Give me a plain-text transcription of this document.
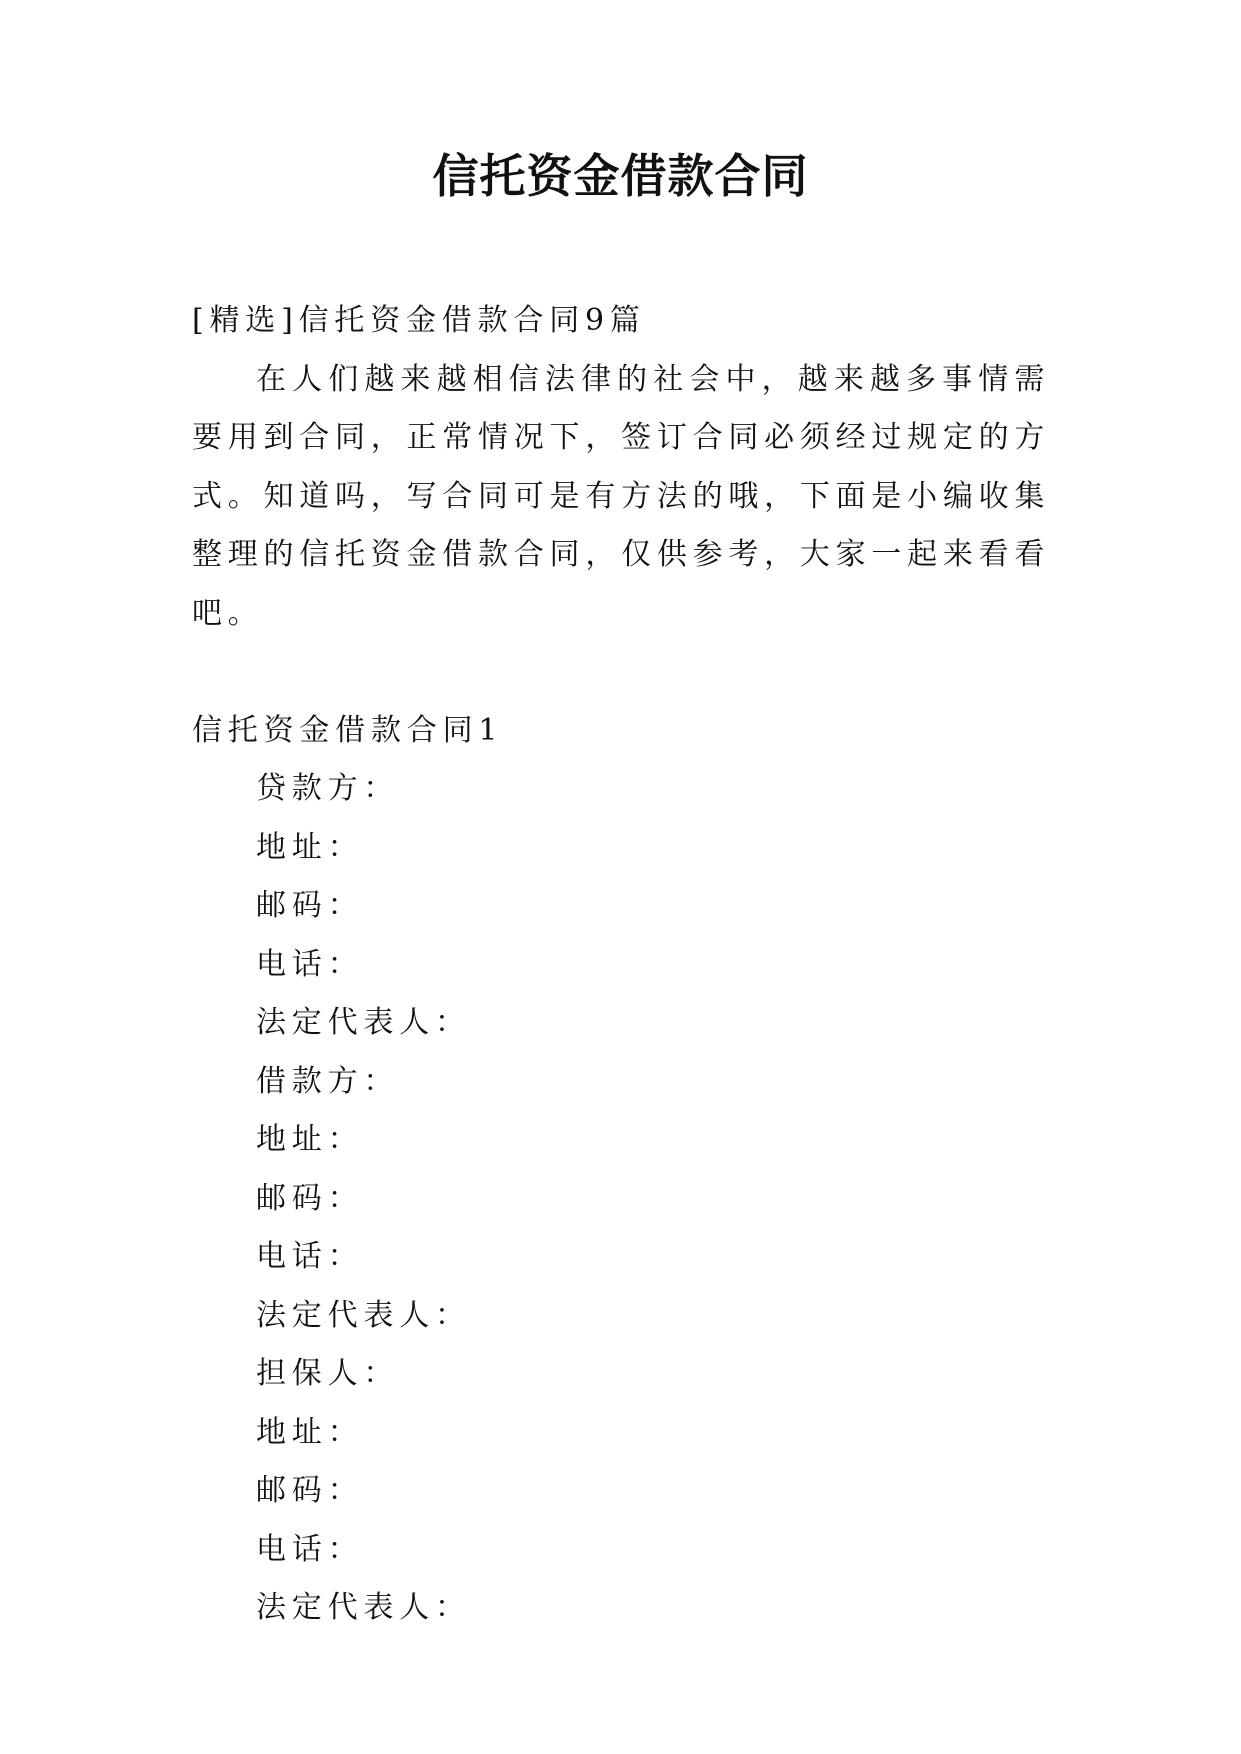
信托资金借款合同
[精选]信托资金借款合同9篇
在人们越来越相信法律的社会中，越来越多事情需要用到合同，正常情况下，签订合同必须经过规定的方式。知道吗，写合同可是有方法的哦，下面是小编收集整理的信托资金借款合同，仅供参考，大家一起来看看吧。
信托资金借款合同1
贷款方：
地址：
邮码：
电话：
法定代表人：
借款方：
地址：
邮码：
电话：
法定代表人：
担保人：
地址：
邮码：
电话：
法定代表人：
